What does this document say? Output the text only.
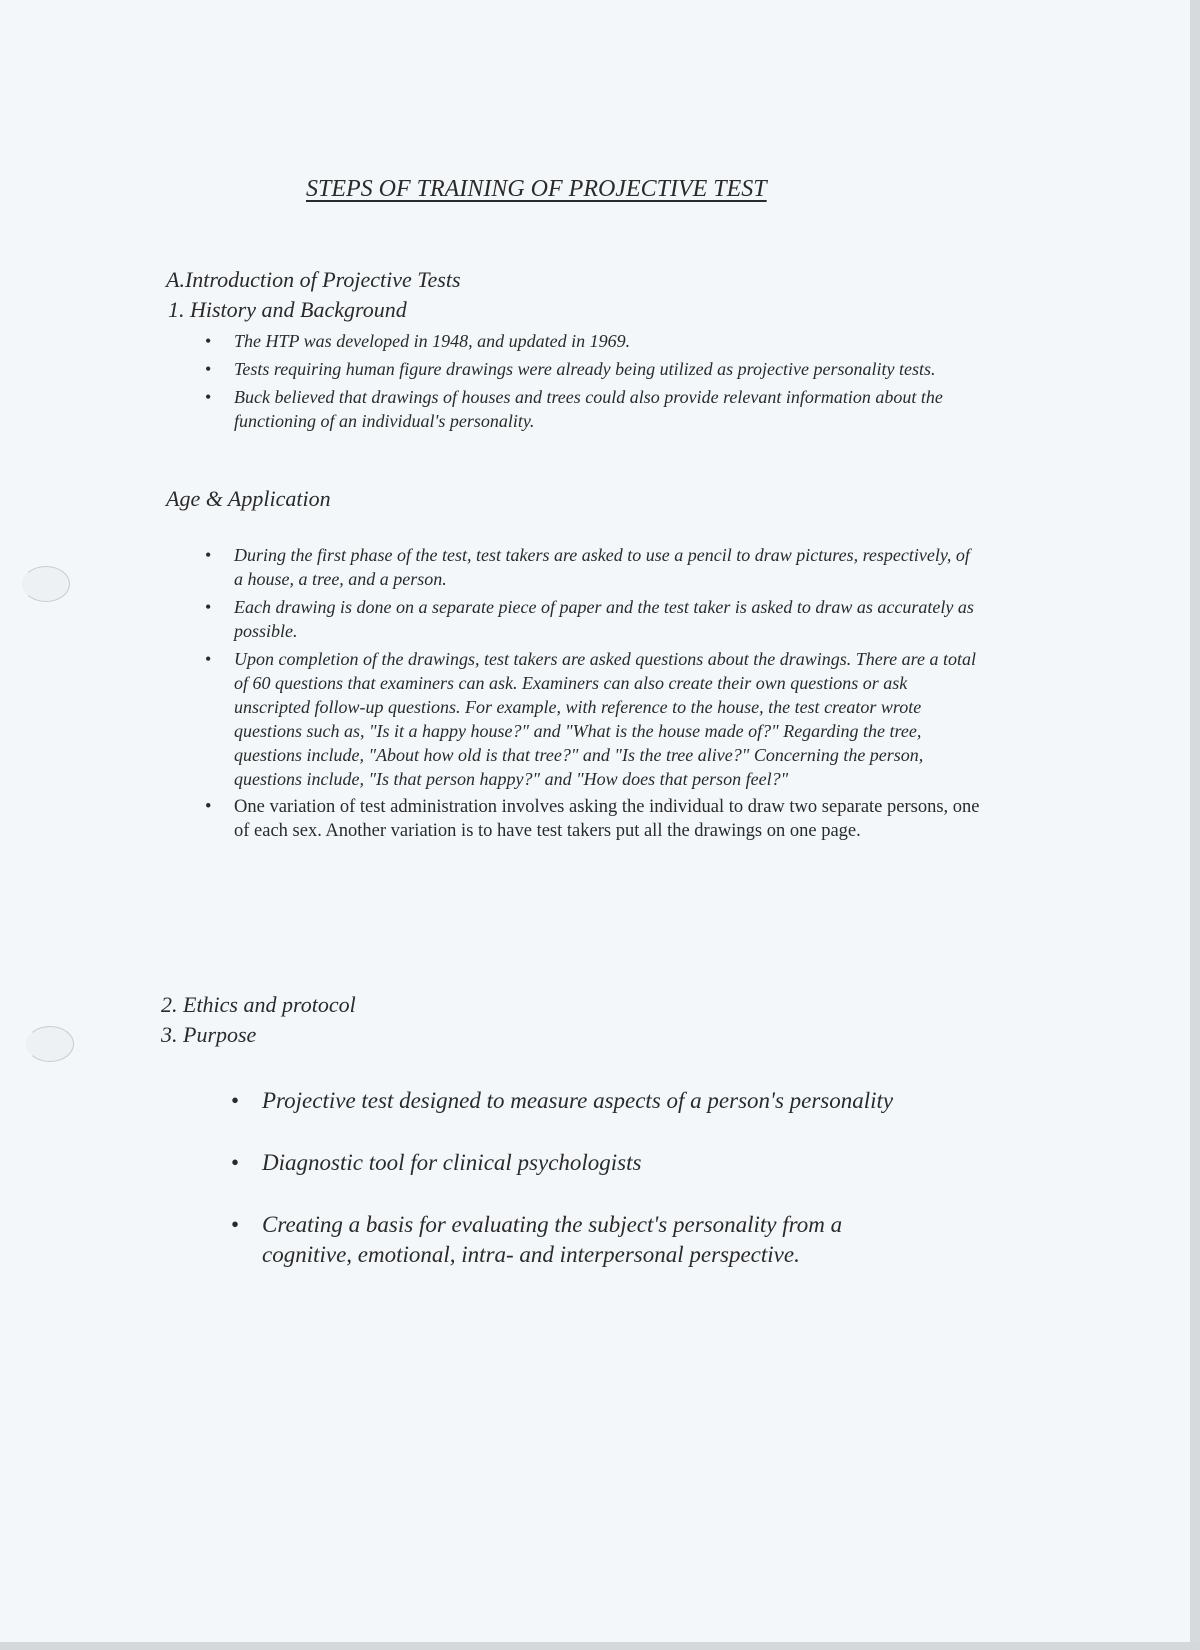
STEPS OF TRAINING OF PROJECTIVE TEST
A.Introduction of Projective Tests
1. History and Background
• The HTP was developed in 1948, and updated in 1969.
• Tests requiring human figure drawings were already being utilized as projective personality tests.
• Buck believed that drawings of houses and trees could also provide relevant information about the functioning of an individual's personality.
Age & Application
• During the first phase of the test, test takers are asked to use a pencil to draw pictures, respectively, of a house, a tree, and a person.
• Each drawing is done on a separate piece of paper and the test taker is asked to draw as accurately as possible.
• Upon completion of the drawings, test takers are asked questions about the drawings. There are a total of 60 questions that examiners can ask. Examiners can also create their own questions or ask unscripted follow-up questions. For example, with reference to the house, the test creator wrote questions such as, "Is it a happy house?" and "What is the house made of?" Regarding the tree, questions include, "About how old is that tree?" and "Is the tree alive?" Concerning the person, questions include, "Is that person happy?" and "How does that person feel?"
• One variation of test administration involves asking the individual to draw two separate persons, one of each sex. Another variation is to have test takers put all the drawings on one page.
2. Ethics and protocol
3. Purpose
• Projective test designed to measure aspects of a person's personality
• Diagnostic tool for clinical psychologists
• Creating a basis for evaluating the subject's personality from a cognitive, emotional, intra- and interpersonal perspective.
